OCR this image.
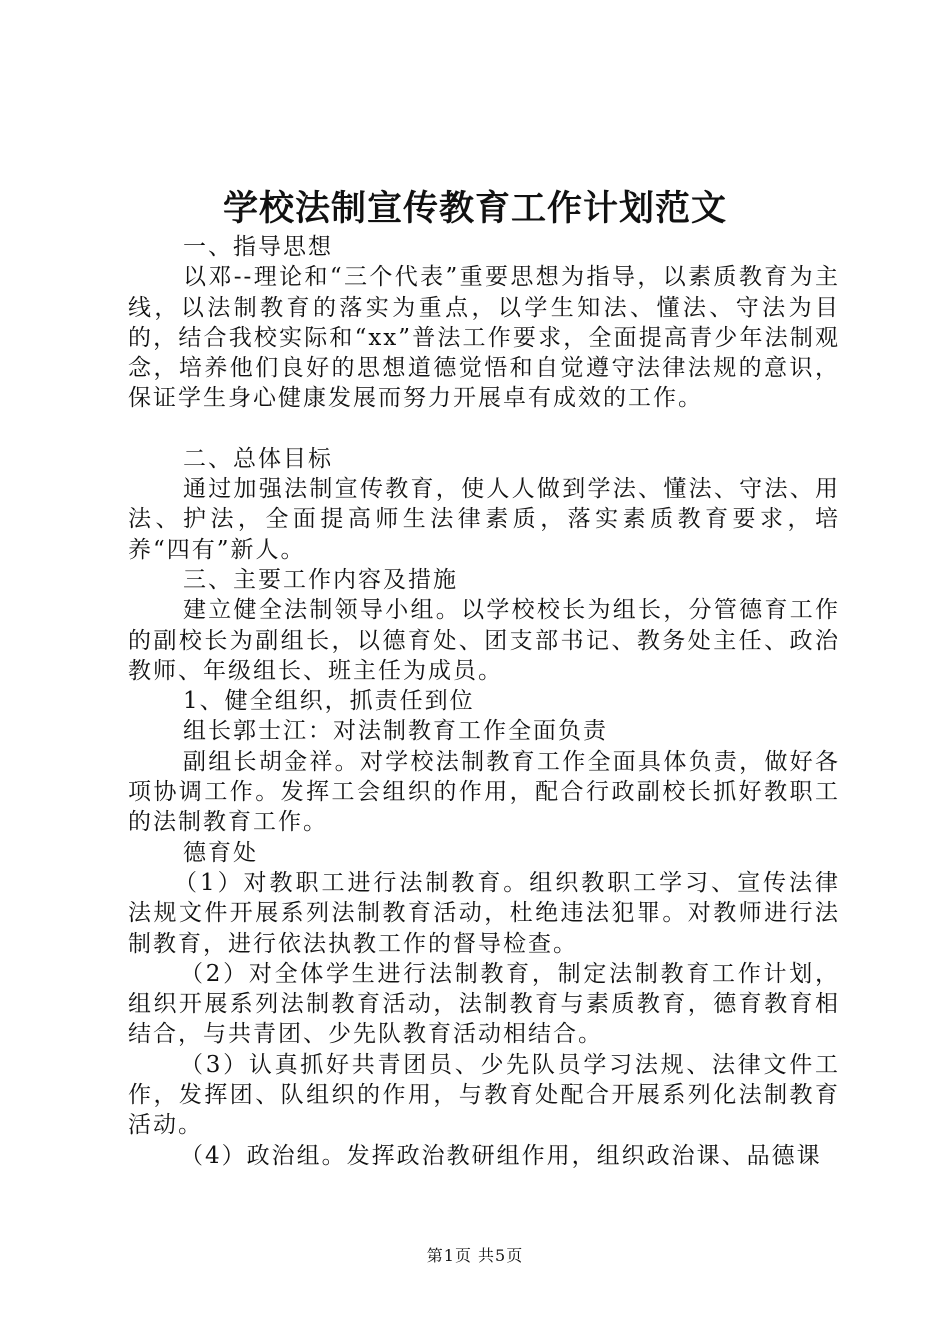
学校法制宣传教育工作计划范文

一、指导思想

以邓--理论和“三个代表”重要思想为指导，以素质教育为主线，以法制教育的落实为重点，以学生知法、懂法、守法为目的，结合我校实际和“xx”普法工作要求，全面提高青少年法制观念，培养他们良好的思想道德觉悟和自觉遵守法律法规的意识，保证学生身心健康发展而努力开展卓有成效的工作。

二、总体目标

通过加强法制宣传教育，使人人做到学法、懂法、守法、用法、护法，全面提高师生法律素质，落实素质教育要求，培养“四有”新人。

三、主要工作内容及措施

建立健全法制领导小组。以学校校长为组长，分管德育工作的副校长为副组长，以德育处、团支部书记、教务处主任、政治教师、年级组长、班主任为成员。

1、健全组织，抓责任到位

组长郭士江：对法制教育工作全面负责

副组长胡金祥。对学校法制教育工作全面具体负责，做好各项协调工作。发挥工会组织的作用，配合行政副校长抓好教职工的法制教育工作。

德育处

（1）对教职工进行法制教育。组织教职工学习、宣传法律法规文件开展系列法制教育活动，杜绝违法犯罪。对教师进行法制教育，进行依法执教工作的督导检查。

（2）对全体学生进行法制教育，制定法制教育工作计划，组织开展系列法制教育活动，法制教育与素质教育，德育教育相结合，与共青团、少先队教育活动相结合。

（3）认真抓好共青团员、少先队员学习法规、法律文件工作，发挥团、队组织的作用，与教育处配合开展系列化法制教育活动。

（4）政治组。发挥政治教研组作用，组织政治课、品德课

第1页 共5页
